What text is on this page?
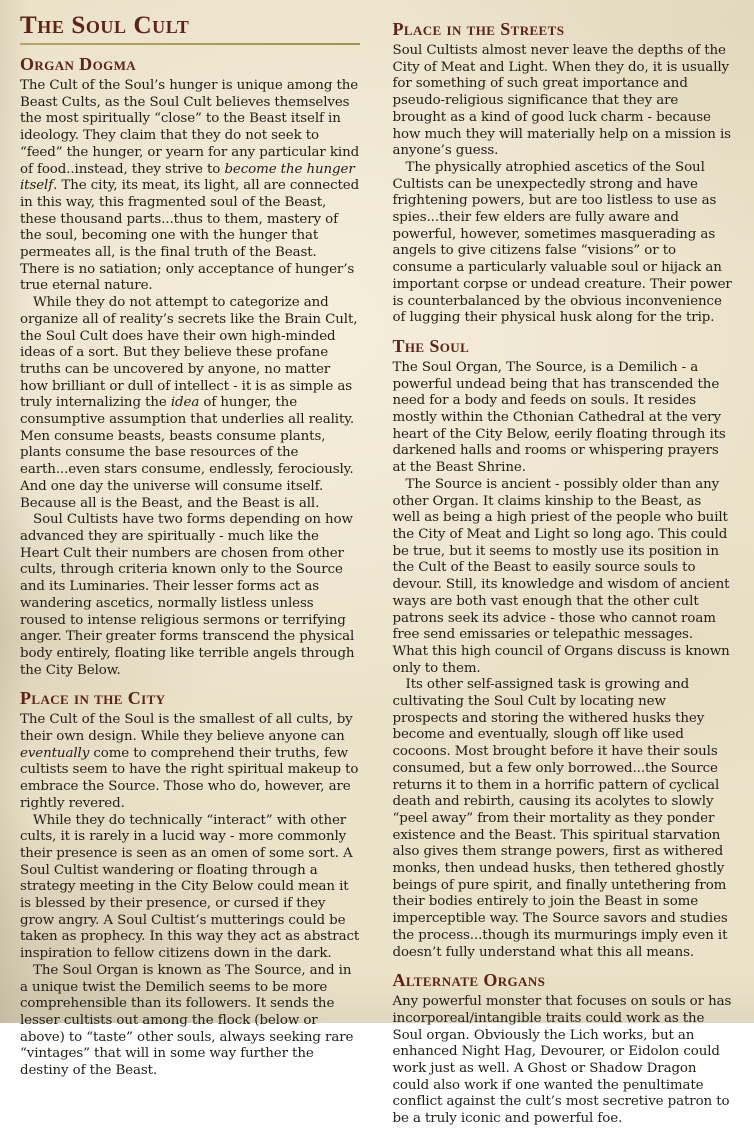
The Soul Cult
Organ Dogma

The Cult of the Soul’s hunger is unique among the Beast Cults, as the Soul Cult believes themselves the most spiritually “close” to the Beast itself in ideology. They claim that they do not seek to “feed” the hunger, or yearn for any particular kind of food..instead, they strive to become the hunger itself. The city, its meat, its light, all are connected in this way, this fragmented soul of the Beast, these thousand parts...thus to them, mastery of the soul, becoming one with the hunger that permeates all, is the final truth of the Beast. There is no satiation; only acceptance of hunger’s true eternal nature.

While they do not attempt to categorize and organize all of reality’s secrets like the Brain Cult, the Soul Cult does have their own high-minded ideas of a sort. But they believe these profane truths can be uncovered by anyone, no matter how brilliant or dull of intellect - it is as simple as truly internalizing the idea of hunger, the consumptive assumption that underlies all reality. Men consume beasts, beasts consume plants, plants consume the base resources of the earth...even stars consume, endlessly, ferociously. And one day the universe will consume itself. Because all is the Beast, and the Beast is all.

Soul Cultists have two forms depending on how advanced they are spiritually - much like the Heart Cult their numbers are chosen from other cults, through criteria known only to the Source and its Luminaries. Their lesser forms act as wandering ascetics, normally listless unless roused to intense religious sermons or terrifying anger. Their greater forms transcend the physical body entirely, floating like terrible angels through the City Below.

Place in the City

The Cult of the Soul is the smallest of all cults, by their own design. While they believe anyone can eventually come to comprehend their truths, few cultists seem to have the right spiritual makeup to embrace the Source. Those who do, however, are rightly revered.

While they do technically “interact” with other cults, it is rarely in a lucid way - more commonly their presence is seen as an omen of some sort. A Soul Cultist wandering or floating through a strategy meeting in the City Below could mean it is blessed by their presence, or cursed if they grow angry. A Soul Cultist’s mutterings could be taken as prophecy. In this way they act as abstract inspiration to fellow citizens down in the dark.

The Soul Organ is known as The Source, and in a unique twist the Demilich seems to be more comprehensible than its followers. It sends the lesser cultists out among the flock (below or above) to “taste” other souls, always seeking rare “vintages” that will in some way further the destiny of the Beast.

Place in the Streets

Soul Cultists almost never leave the depths of the City of Meat and Light. When they do, it is usually for something of such great importance and pseudo-religious significance that they are brought as a kind of good luck charm - because how much they will materially help on a mission is anyone’s guess.

The physically atrophied ascetics of the Soul Cultists can be unexpectedly strong and have frightening powers, but are too listless to use as spies...their few elders are fully aware and powerful, however, sometimes masquerading as angels to give citizens false “visions” or to consume a particularly valuable soul or hijack an important corpse or undead creature. Their power is counterbalanced by the obvious inconvenience of lugging their physical husk along for the trip.

The Soul

The Soul Organ, The Source, is a Demilich - a powerful undead being that has transcended the need for a body and feeds on souls. It resides mostly within the Cthonian Cathedral at the very heart of the City Below, eerily floating through its darkened halls and rooms or whispering prayers at the Beast Shrine.

The Source is ancient - possibly older than any other Organ. It claims kinship to the Beast, as well as being a high priest of the people who built the City of Meat and Light so long ago. This could be true, but it seems to mostly use its position in the Cult of the Beast to easily source souls to devour. Still, its knowledge and wisdom of ancient ways are both vast enough that the other cult patrons seek its advice - those who cannot roam free send emissaries or telepathic messages. What this high council of Organs discuss is known only to them.

Its other self-assigned task is growing and cultivating the Soul Cult by locating new prospects and storing the withered husks they become and eventually, slough off like used cocoons. Most brought before it have their souls consumed, but a few only borrowed...the Source returns it to them in a horrific pattern of cyclical death and rebirth, causing its acolytes to slowly “peel away” from their mortality as they ponder existence and the Beast. This spiritual starvation also gives them strange powers, first as withered monks, then undead husks, then tethered ghostly beings of pure spirit, and finally untethering from their bodies entirely to join the Beast in some imperceptible way. The Source savors and studies the process...though its murmurings imply even it doesn’t fully understand what this all means.

Alternate Organs

Any powerful monster that focuses on souls or has incorporeal/intangible traits could work as the Soul organ. Obviously the Lich works, but an enhanced Night Hag, Devourer, or Eidolon could work just as well. A Ghost or Shadow Dragon could also work if one wanted the penultimate conflict against the cult’s most secretive patron to be a truly iconic and powerful foe.
